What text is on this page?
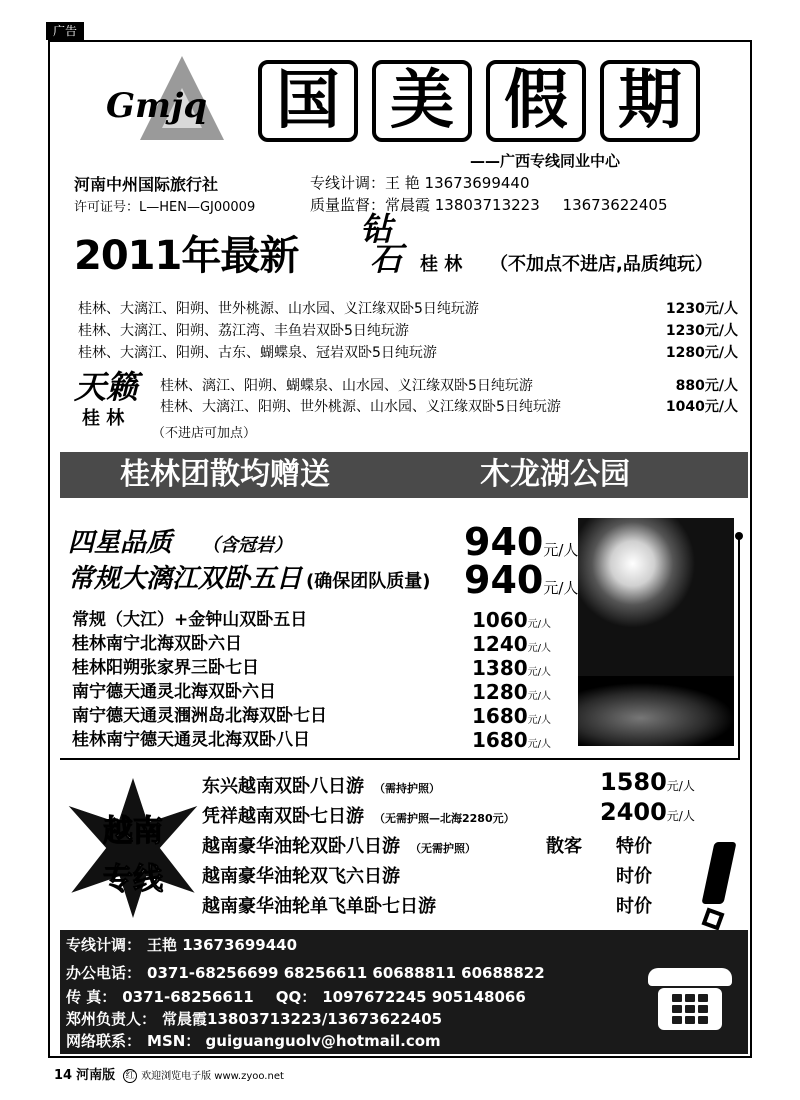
广告
Gmjq 国 美 假 期
——广西专线同业中心
河南中州国际旅行社
许可证号：L—HEN—GJ00009
专线计调：王 艳 13673699440
质量监督：常晨霞 13803713223 13673622405
2011年最新
钻
石 桂 林 （不加点不进店,品质纯玩）
桂林、大漓江、阳朔、世外桃源、山水园、义江缘双卧5日纯玩游	1230元/人
桂林、大漓江、阳朔、荔江湾、丰鱼岩双卧5日纯玩游	1230元/人
桂林、大漓江、阳朔、古东、蝴蝶泉、冠岩双卧5日纯玩游	1280元/人
天籁
桂 林
桂林、漓江、阳朔、蝴蝶泉、山水园、义江缘双卧5日纯玩游	880元/人
桂林、大漓江、阳朔、世外桃源、山水园、义江缘双卧5日纯玩游	1040元/人
（不进店可加点）
桂林团散均赠送	木龙湖公园
四星品质 （含冠岩）	940元/人
常规大漓江双卧五日 (确保团队质量) 940元/人
常规（大江）+金钟山双卧五日	1060元/人
桂林南宁北海双卧六日	1240元/人
桂林阳朔张家界三卧七日	1380元/人
南宁德天通灵北海双卧六日	1280元/人
南宁德天通灵涠洲岛北海双卧七日	1680元/人
桂林南宁德天通灵北海双卧八日	1680元/人
越南
专线
东兴越南双卧八日游 （需持护照）	1580元/人
凭祥越南双卧七日游 （无需护照—北海2280元）	2400元/人
越南豪华油轮双卧八日游 （无需护照）	散客 特价
越南豪华油轮双飞六日游	时价
越南豪华油轮单飞单卧七日游	时价
专线计调： 王艳 13673699440
办公电话： 0371-68256699 68256611 60688811 60688822
传 真： 0371-68256611 QQ： 1097672245 905148066
郑州负责人： 常晨霞13803713223/13673622405
网络联系： MSN： guiguanguolv@hotmail.com
14 河南版 红 欢迎浏览电子版 www.zyoo.net
